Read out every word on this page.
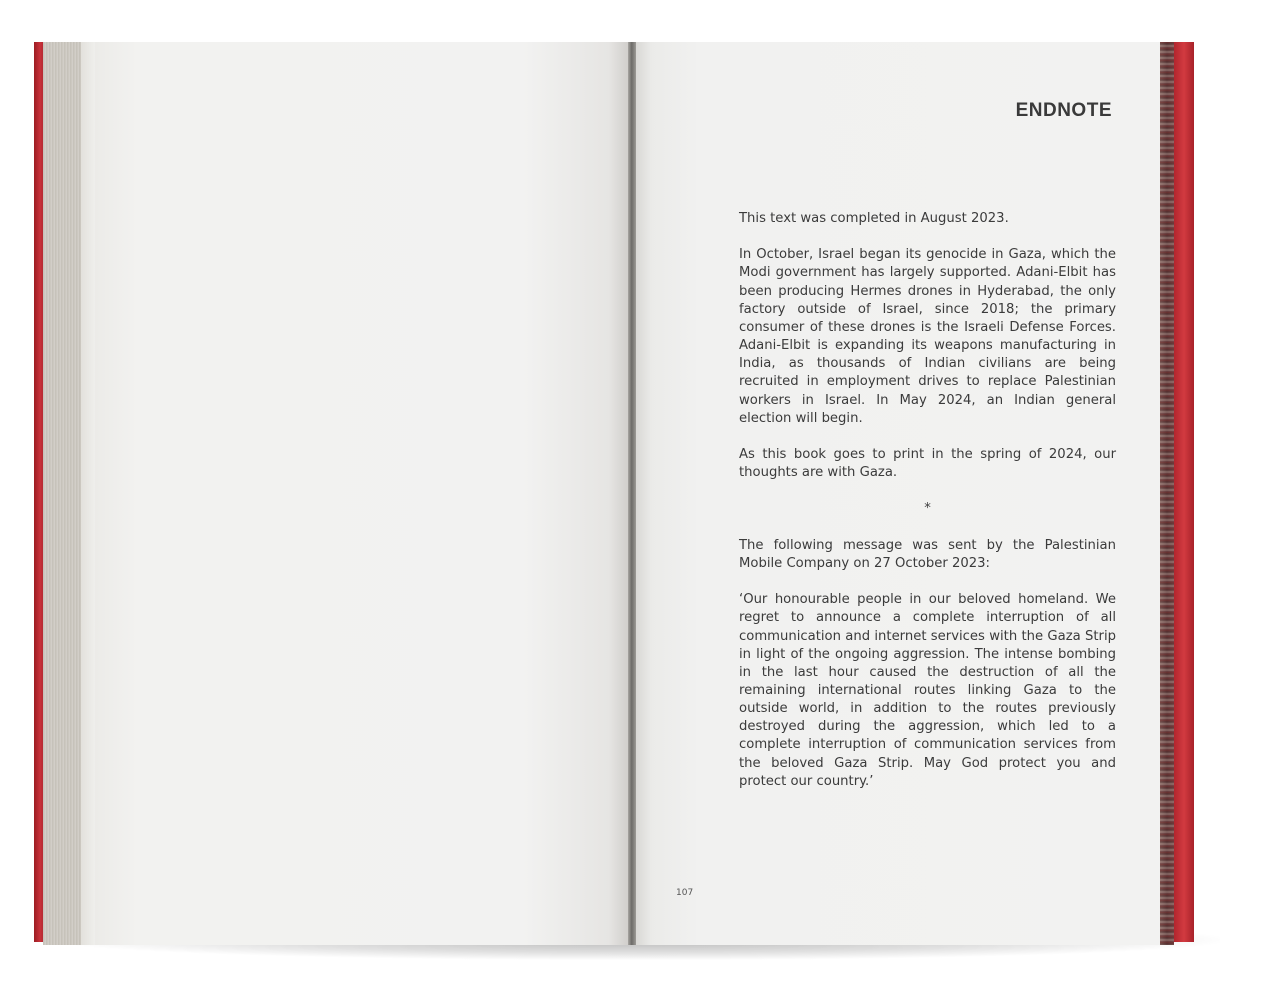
ENDNOTE

This text was completed in August 2023.

In October, Israel began its genocide in Gaza, which the Modi government has largely supported. Adani-Elbit has been producing Hermes drones in Hyderabad, the only factory outside of Israel, since 2018; the primary consumer of these drones is the Israeli Defense Forces. Adani-Elbit is expanding its weapons manufacturing in India, as thousands of Indian civilians are being recruited in employment drives to replace Palestinian workers in Israel. In May 2024, an Indian general election will begin.

As this book goes to print in the spring of 2024, our thoughts are with Gaza.

*

The following message was sent by the Palestinian Mobile Company on 27 October 2023:

‘Our honourable people in our beloved homeland. We regret to announce a complete interruption of all communication and internet services with the Gaza Strip in light of the ongoing aggression. The intense bombing in the last hour caused the destruction of all the remaining international routes linking Gaza to the outside world, in addition to the routes previously destroyed during the aggression, which led to a complete interruption of communication services from the beloved Gaza Strip. May God protect you and protect our country.’

107
